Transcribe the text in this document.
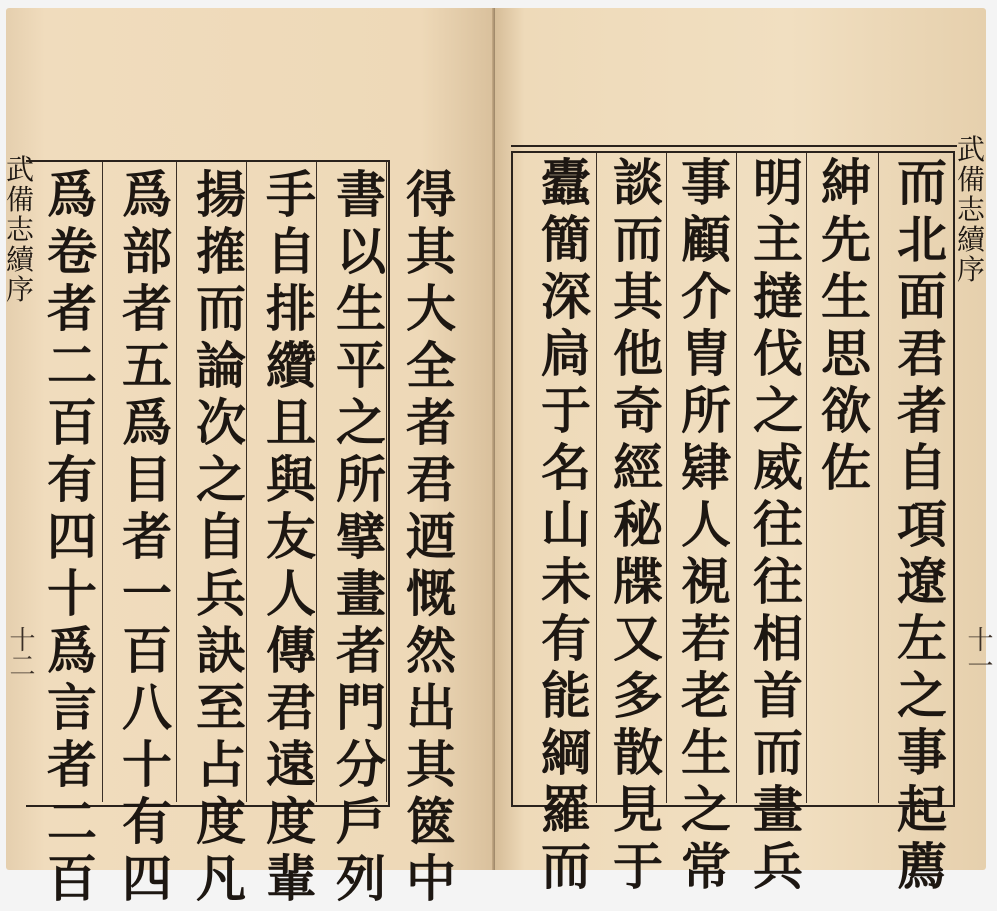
武
備
志
續
序
十二
得
其
大
全
者
君
迺
慨
然
出
其
篋
中
書
以
生
平
之
所
擘
畫
者
門
分
戶
列
手
自
排
纘
且
與
友
人
傳
君
遠
度
輩
揚
搉
而
論
次
之
自
兵
訣
至
占
度
凡
爲
部
者
五
爲
目
者
一
百
八
十
有
四
爲
卷
者
二
百
有
四
十
爲
言
者
二
百
武
備
志
續
序
十一
而
北
面
君
者
自
項
遼
左
之
事
起
薦
紳
先
生
思
欲
佐
明
主
撻
伐
之
威
往
往
相
首
而
畫
兵
事
顧
介
胄
所
肄
人
視
若
老
生
之
常
談
而
其
他
奇
經
秘
牒
又
多
散
見
于
蠹
簡
深
扃
于
名
山
未
有
能
綱
羅
而
